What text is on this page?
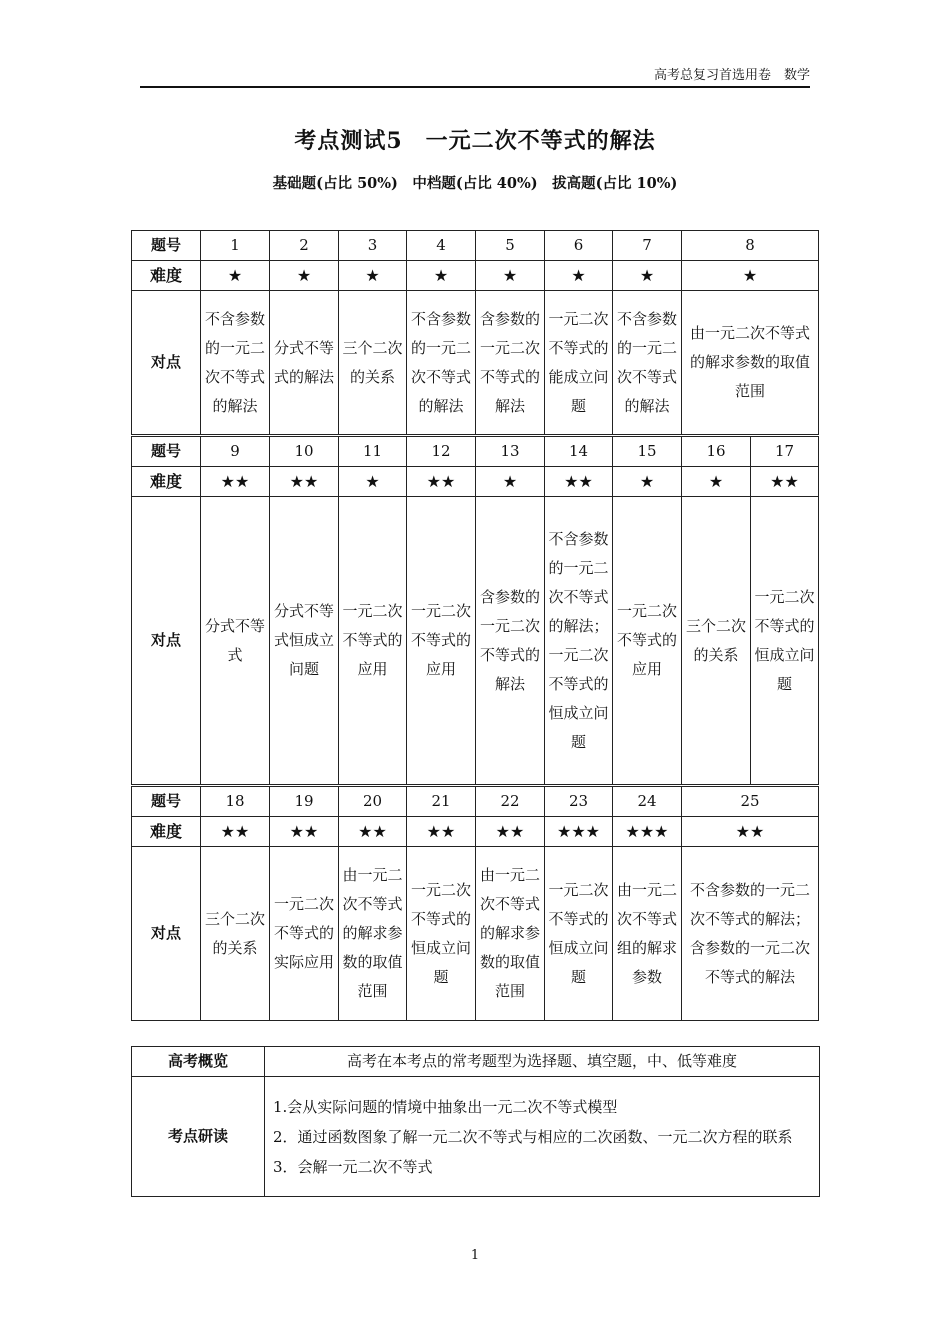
高考总复习首选用卷　数学
考点测试5　一元二次不等式的解法
基础题(占比 50%)　中档题(占比 40%)　拔高题(占比 10%)
题号	1	2	3	4	5	6	7	8	
难度	★	★	★	★	★	★	★	★	
对点	不含参数的一元二次不等式的解法	分式不等式的解法	三个二次的关系	不含参数的一元二次不等式的解法	含参数的一元二次不等式的解法	一元二次不等式的能成立问题	不含参数的一元二次不等式的解法	由一元二次不等式的解求参数的取值范围	

题号	9	10	11	12	13	14	15	16	17
难度	★★	★★	★	★★	★	★★	★	★	★★
对点	分式不等式	分式不等式恒成立问题	一元二次不等式的应用	一元二次不等式的应用	含参数的一元二次不等式的解法	不含参数的一元二次不等式的解法；一元二次不等式的恒成立问题	一元二次不等式的应用	三个二次的关系	一元二次不等式的恒成立问题

题号	18	19	20	21	22	23	24	25	
难度	★★	★★	★★	★★	★★	★★★	★★★	★★	
对点	三个二次的关系	一元二次不等式的实际应用	由一元二次不等式的解求参数的取值范围	一元二次不等式的恒成立问题	由一元二次不等式的解求参数的取值范围	一元二次不等式的恒成立问题	由一元二次不等式组的解求参数	不含参数的一元二次不等式的解法；含参数的一元二次不等式的解法	
高考概览	高考在本考点的常考题型为选择题、填空题，中、低等难度
考点研读	1.会从实际问题的情境中抽象出一元二次不等式模型
2．通过函数图象了解一元二次不等式与相应的二次函数、一元二次方程的联系
3．会解一元二次不等式
1
